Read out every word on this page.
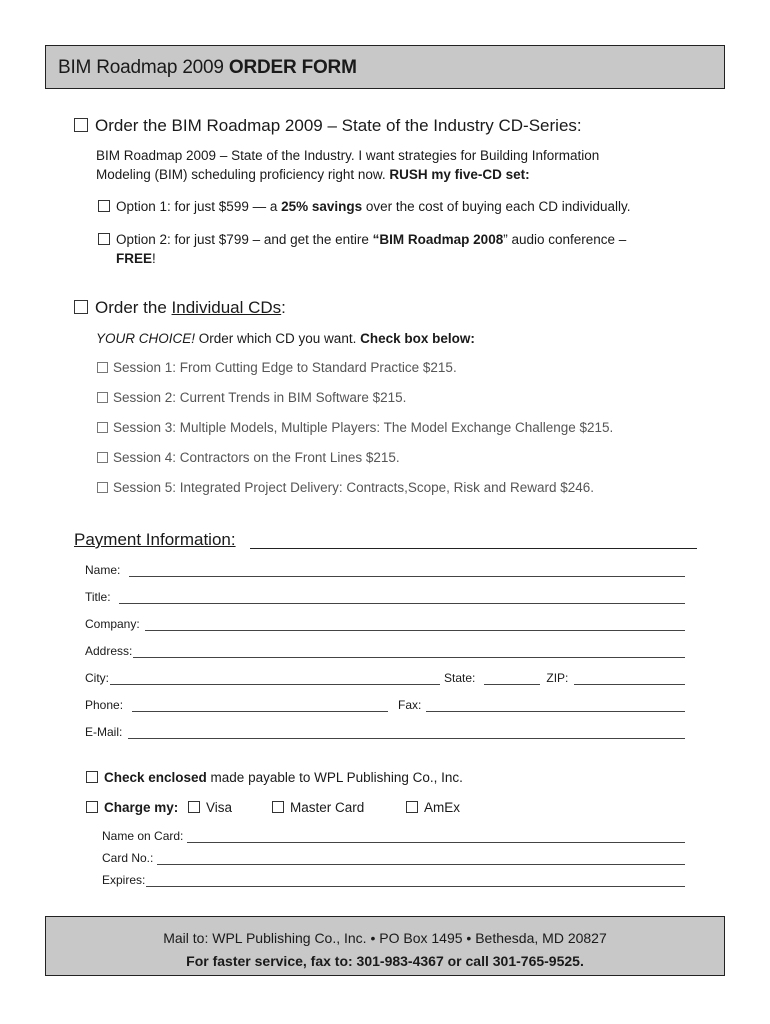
BIM Roadmap 2009 ORDER FORM
Order the BIM Roadmap 2009 – State of the Industry CD-Series:
BIM Roadmap 2009 – State of the Industry. I want strategies for Building Information
Modeling (BIM) scheduling proficiency right now. RUSH my five-CD set:
Option 1: for just $599 — a 25% savings over the cost of buying each CD individually.
Option 2: for just $799 – and get the entire “BIM Roadmap 2008” audio conference –
FREE!
Order the Individual CDs:
YOUR CHOICE! Order which CD you want. Check box below:
Session 1: From Cutting Edge to Standard Practice $215.
Session 2: Current Trends in BIM Software $215.
Session 3: Multiple Models, Multiple Players: The Model Exchange Challenge $215.
Session 4: Contractors on the Front Lines $215.
Session 5: Integrated Project Delivery: Contracts,Scope, Risk and Reward $246.
Payment Information:
Name:
Title:
Company:
Address:
City:	State:	ZIP:
Phone:	Fax:
E-Mail:
Check enclosed made payable to WPL Publishing Co., Inc.
Charge my:	Visa	Master Card	AmEx
Name on Card:
Card No.:
Expires:
Mail to: WPL Publishing Co., Inc. • PO Box 1495 • Bethesda, MD 20827
For faster service, fax to: 301-983-4367 or call 301-765-9525.
